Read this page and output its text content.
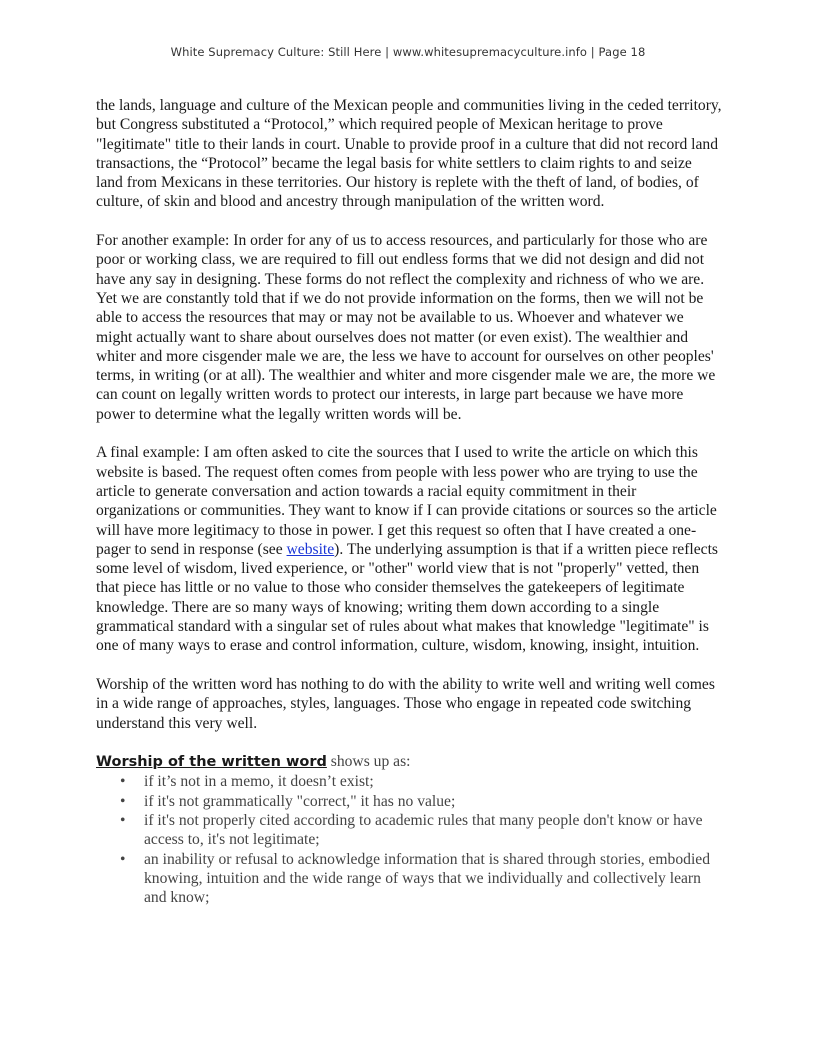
White Supremacy Culture: Still Here | www.whitesupremacyculture.info | Page 18

the lands, language and culture of the Mexican people and communities living in the ceded territory, but Congress substituted a “Protocol,” which required people of Mexican heritage to prove "legitimate" title to their lands in court. Unable to provide proof in a culture that did not record land transactions, the “Protocol” became the legal basis for white settlers to claim rights to and seize land from Mexicans in these territories. Our history is replete with the theft of land, of bodies, of culture, of skin and blood and ancestry through manipulation of the written word.

For another example: In order for any of us to access resources, and particularly for those who are poor or working class, we are required to fill out endless forms that we did not design and did not have any say in designing. These forms do not reflect the complexity and richness of who we are. Yet we are constantly told that if we do not provide information on the forms, then we will not be able to access the resources that may or may not be available to us. Whoever and whatever we might actually want to share about ourselves does not matter (or even exist). The wealthier and whiter and more cisgender male we are, the less we have to account for ourselves on other peoples' terms, in writing (or at all). The wealthier and whiter and more cisgender male we are, the more we can count on legally written words to protect our interests, in large part because we have more power to determine what the legally written words will be.

A final example: I am often asked to cite the sources that I used to write the article on which this website is based. The request often comes from people with less power who are trying to use the article to generate conversation and action towards a racial equity commitment in their organizations or communities. They want to know if I can provide citations or sources so the article will have more legitimacy to those in power. I get this request so often that I have created a one-pager to send in response (see website). The underlying assumption is that if a written piece reflects some level of wisdom, lived experience, or "other" world view that is not "properly" vetted, then that piece has little or no value to those who consider themselves the gatekeepers of legitimate knowledge. There are so many ways of knowing; writing them down according to a single grammatical standard with a singular set of rules about what makes that knowledge "legitimate" is one of many ways to erase and control information, culture, wisdom, knowing, insight, intuition.

Worship of the written word has nothing to do with the ability to write well and writing well comes in a wide range of approaches, styles, languages. Those who engage in repeated code switching understand this very well.

Worship of the written word shows up as:
• if it’s not in a memo, it doesn’t exist;
• if it's not grammatically "correct," it has no value;
• if it's not properly cited according to academic rules that many people don't know or have access to, it's not legitimate;
• an inability or refusal to acknowledge information that is shared through stories, embodied knowing, intuition and the wide range of ways that we individually and collectively learn and know;
